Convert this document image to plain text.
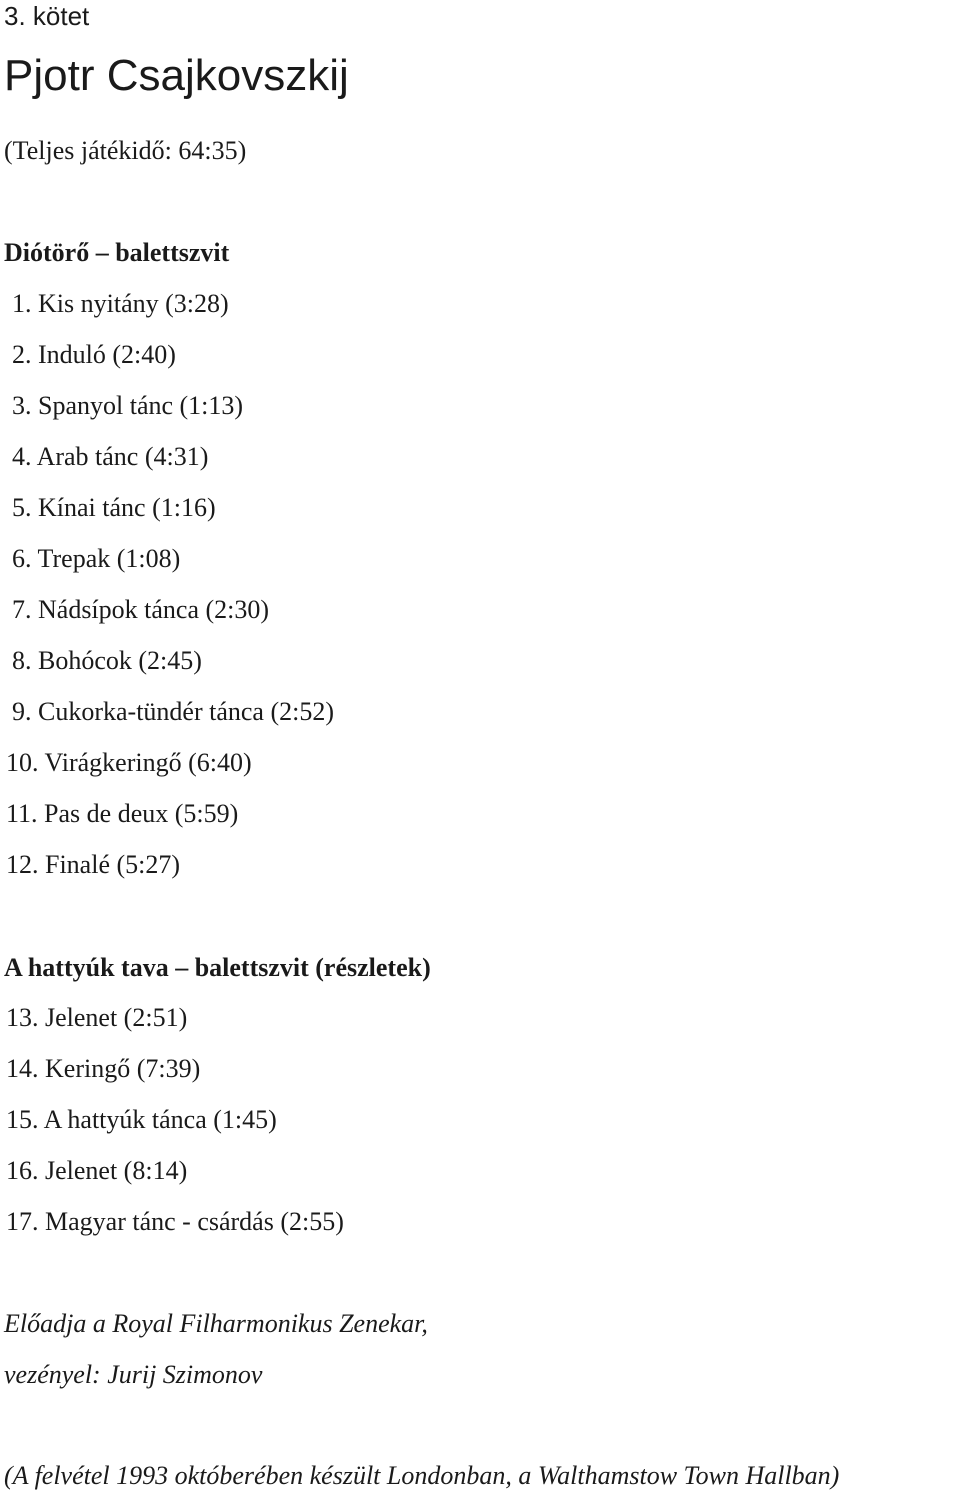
3. kötet
Pjotr Csajkovszkij
(Teljes játékidő: 64:35)
Diótörő – balettszvit
1. Kis nyitány (3:28)
2. Induló (2:40)
3. Spanyol tánc (1:13)
4. Arab tánc (4:31)
5. Kínai tánc (1:16)
6. Trepak (1:08)
7. Nádsípok tánca (2:30)
8. Bohócok (2:45)
9. Cukorka-tündér tánca (2:52)
10. Virágkeringő (6:40)
11. Pas de deux (5:59)
12. Finalé (5:27)
A hattyúk tava – balettszvit (részletek)
13. Jelenet (2:51)
14. Keringő (7:39)
15. A hattyúk tánca (1:45)
16. Jelenet (8:14)
17. Magyar tánc - csárdás (2:55)
Előadja a Royal Filharmonikus Zenekar,
vezényel: Jurij Szimonov
(A felvétel 1993 októberében készült Londonban, a Walthamstow Town Hallban)
